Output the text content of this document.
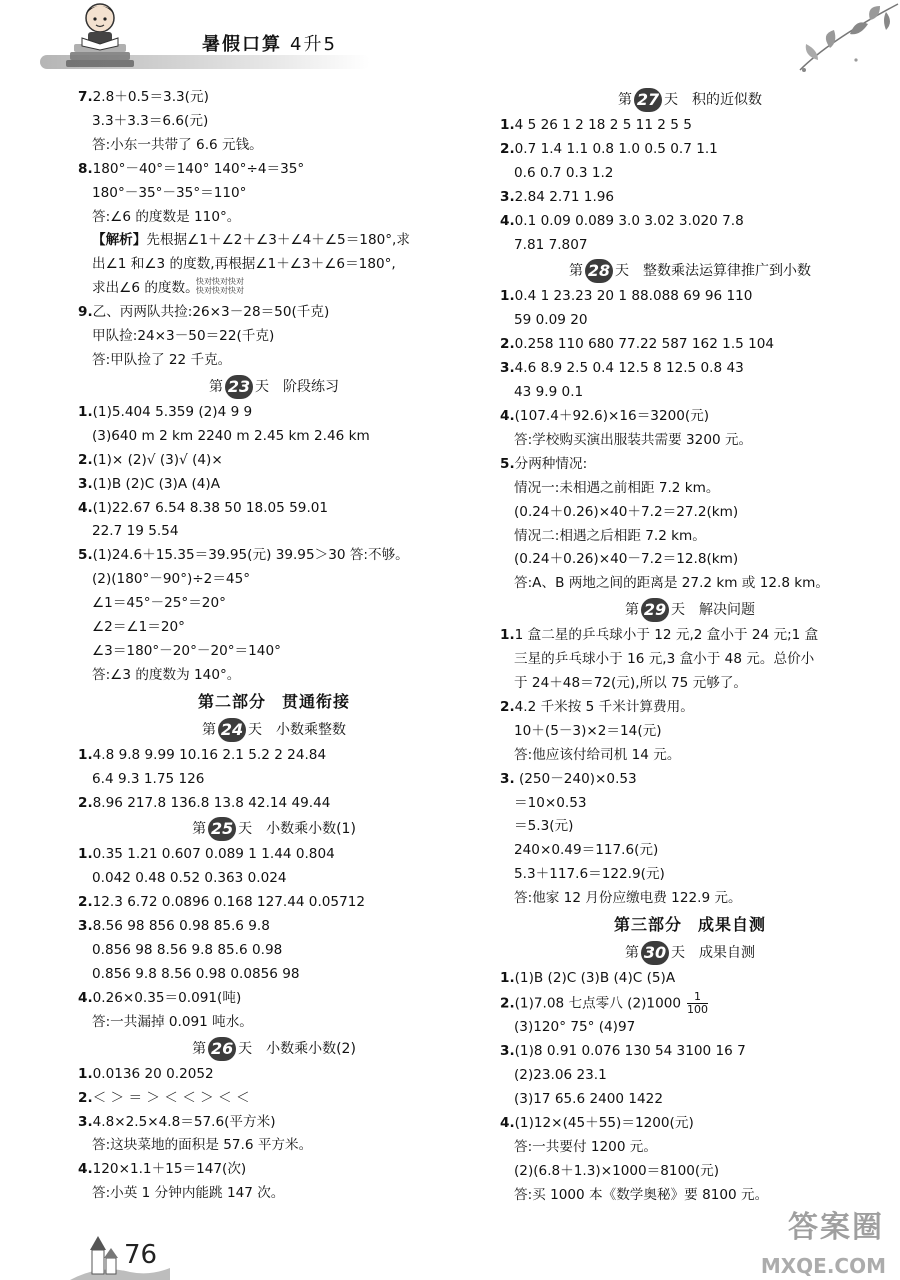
暑假口算 4升5
7.2.8＋0.5＝3.3(元)
3.3＋3.3＝6.6(元)
答:小东一共带了 6.6 元钱。
8.180°－40°＝140° 140°÷4＝35°
180°－35°－35°＝110°
答:∠6 的度数是 110°。
【解析】先根据∠1＋∠2＋∠3＋∠4＋∠5＝180°,求
出∠1 和∠3 的度数,再根据∠1＋∠3＋∠6＝180°,
求出∠6 的度数。
9.乙、丙两队共捡:26×3－28＝50(千克)
甲队捡:24×3－50＝22(千克)
答:甲队捡了 22 千克。
第 23 天 阶段练习
1.(1)5.404 5.359 (2)4 9 9
(3)640 m 2 km 2240 m 2.45 km 2.46 km
2.(1)× (2)√ (3)√ (4)×
3.(1)B (2)C (3)A (4)A
4.(1)22.67 6.54 8.38 50 18.05 59.01
22.7 19 5.54
5.(1)24.6＋15.35＝39.95(元) 39.95＞30 答:不够。
(2)(180°－90°)÷2＝45°
∠1＝45°－25°＝20°
∠2＝∠1＝20°
∠3＝180°－20°－20°＝140°
答:∠3 的度数为 140°。
第二部分 贯通衔接
第 24 天 小数乘整数
1.4.8 9.8 9.99 10.16 2.1 5.2 2 24.84
6.4 9.3 1.75 126
2.8.96 217.8 136.8 13.8 42.14 49.44
第 25 天 小数乘小数(1)
1.0.35 1.21 0.607 0.089 1 1.44 0.804
0.042 0.48 0.52 0.363 0.024
2.12.3 6.72 0.0896 0.168 127.44 0.05712
3.8.56 98 856 0.98 85.6 9.8
0.856 98 8.56 9.8 85.6 0.98
0.856 9.8 8.56 0.98 0.0856 98
4.0.26×0.35＝0.091(吨)
答:一共漏掉 0.091 吨水。
第 26 天 小数乘小数(2)
1.0.0136 20 0.2052
2.＜ ＞ ＝ ＞ ＜ ＜ ＞ ＜ ＜
3.4.8×2.5×4.8＝57.6(平方米)
答:这块菜地的面积是 57.6 平方米。
4.120×1.1＋15＝147(次)
答:小英 1 分钟内能跳 147 次。
第 27 天 积的近似数
1.4 5 26 1 2 18 2 5 11 2 5 5
2.0.7 1.4 1.1 0.8 1.0 0.5 0.7 1.1
0.6 0.7 0.3 1.2
3.2.84 2.71 1.96
4.0.1 0.09 0.089 3.0 3.02 3.020 7.8
7.81 7.807
第 28 天 整数乘法运算律推广到小数
1.0.4 1 23.23 20 1 88.088 69 96 110
59 0.09 20
2.0.258 110 680 77.22 587 162 1.5 104
3.4.6 8.9 2.5 0.4 12.5 8 12.5 0.8 43
43 9.9 0.1
4.(107.4＋92.6)×16＝3200(元)
答:学校购买演出服装共需要 3200 元。
5.分两种情况:
情况一:未相遇之前相距 7.2 km。
(0.24＋0.26)×40＋7.2＝27.2(km)
情况二:相遇之后相距 7.2 km。
(0.24＋0.26)×40－7.2＝12.8(km)
答:A、B 两地之间的距离是 27.2 km 或 12.8 km。
第 29 天 解决问题
1.1 盒二星的乒乓球小于 12 元,2 盒小于 24 元;1 盒
三星的乒乓球小于 16 元,3 盒小于 48 元。总价小
于 24＋48＝72(元),所以 75 元够了。
2.4.2 千米按 5 千米计算费用。
10＋(5－3)×2＝14(元)
答:他应该付给司机 14 元。
3. (250－240)×0.53
＝10×0.53
＝5.3(元)
240×0.49＝117.6(元)
5.3＋117.6＝122.9(元)
答:他家 12 月份应缴电费 122.9 元。
第三部分 成果自测
第 30 天 成果自测
1.(1)B (2)C (3)B (4)C (5)A
2.(1)7.08 七点零八 $(2)1000 \frac{1}{100}$
(3)120° 75° (4)97
3.(1)8 0.91 0.076 130 54 3100 16 7
(2)23.06 23.1
(3)17 65.6 2400 1422
4.(1)12×(45＋55)＝1200(元)
答:一共要付 1200 元。
(2)(6.8＋1.3)×1000＝8100(元)
答:买 1000 本《数学奥秘》要 8100 元。
快对快对快对
快对快对快对
76
答案圈
MXQE.COM
